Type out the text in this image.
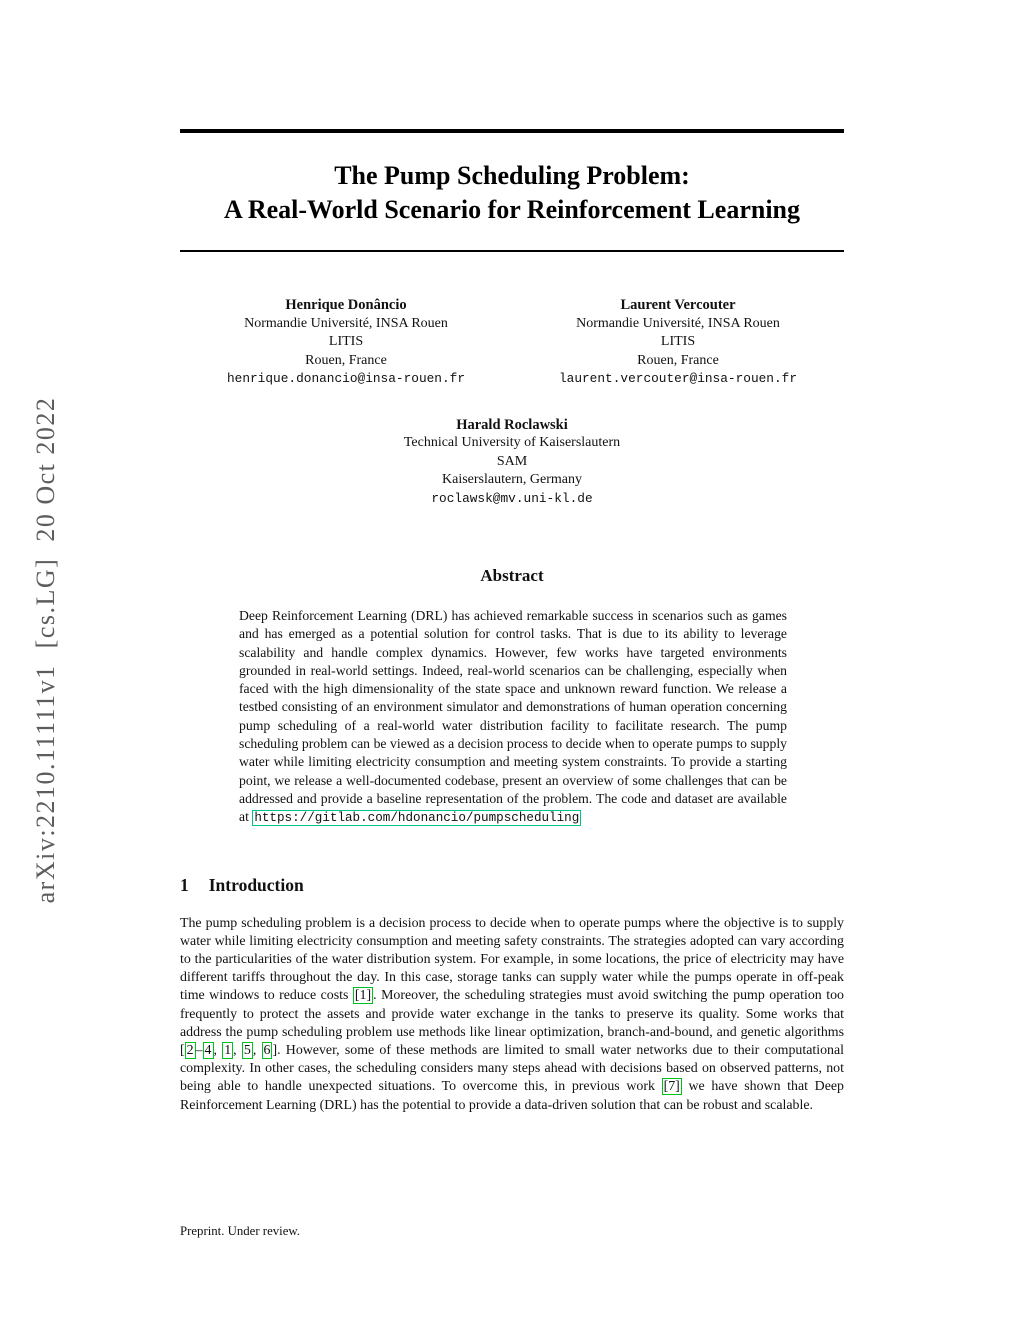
arXiv:2210.11111v1  [cs.LG]  20 Oct 2022
The Pump Scheduling Problem:
A Real-World Scenario for Reinforcement Learning
Henrique Donâncio
Normandie Université, INSA Rouen
LITIS
Rouen, France
henrique.donancio@insa-rouen.fr
Laurent Vercouter
Normandie Université, INSA Rouen
LITIS
Rouen, France
laurent.vercouter@insa-rouen.fr
Harald Roclawski
Technical University of Kaiserslautern
SAM
Kaiserslautern, Germany
roclawsk@mv.uni-kl.de
Abstract

Deep Reinforcement Learning (DRL) has achieved remarkable success in scenarios such as games and has emerged as a potential solution for control tasks. That is due to its ability to leverage scalability and handle complex dynamics. However, few works have targeted environments grounded in real-world settings. Indeed, real-world scenarios can be challenging, especially when faced with the high dimensionality of the state space and unknown reward function. We release a testbed consisting of an environment simulator and demonstrations of human operation concerning pump scheduling of a real-world water distribution facility to facilitate research. The pump scheduling problem can be viewed as a decision process to decide when to operate pumps to supply water while limiting electricity consumption and meeting system constraints. To provide a starting point, we release a well-documented codebase, present an overview of some challenges that can be addressed and provide a baseline representation of the problem. The code and dataset are available at https://gitlab.com/hdonancio/pumpscheduling

1 Introduction

The pump scheduling problem is a decision process to decide when to operate pumps where the objective is to supply water while limiting electricity consumption and meeting safety constraints. The strategies adopted can vary according to the particularities of the water distribution system. For example, in some locations, the price of electricity may have different tariffs throughout the day. In this case, storage tanks can supply water while the pumps operate in off-peak time windows to reduce costs [1] . Moreover, the scheduling strategies must avoid switching the pump operation too frequently to protect the assets and provide water exchange in the tanks to preserve its quality. Some works that address the pump scheduling problem use methods like linear optimization, branch-and-bound, and genetic algorithms [ 2 – 4 , 1 , 5 , 6 ]. However, some of these methods are limited to small water networks due to their computational complexity. In other cases, the scheduling considers many steps ahead with decisions based on observed patterns, not being able to handle unexpected situations. To overcome this, in previous work [7] we have shown that Deep Reinforcement Learning (DRL) has the potential to provide a data-driven solution that can be robust and scalable.

Preprint. Under review.
